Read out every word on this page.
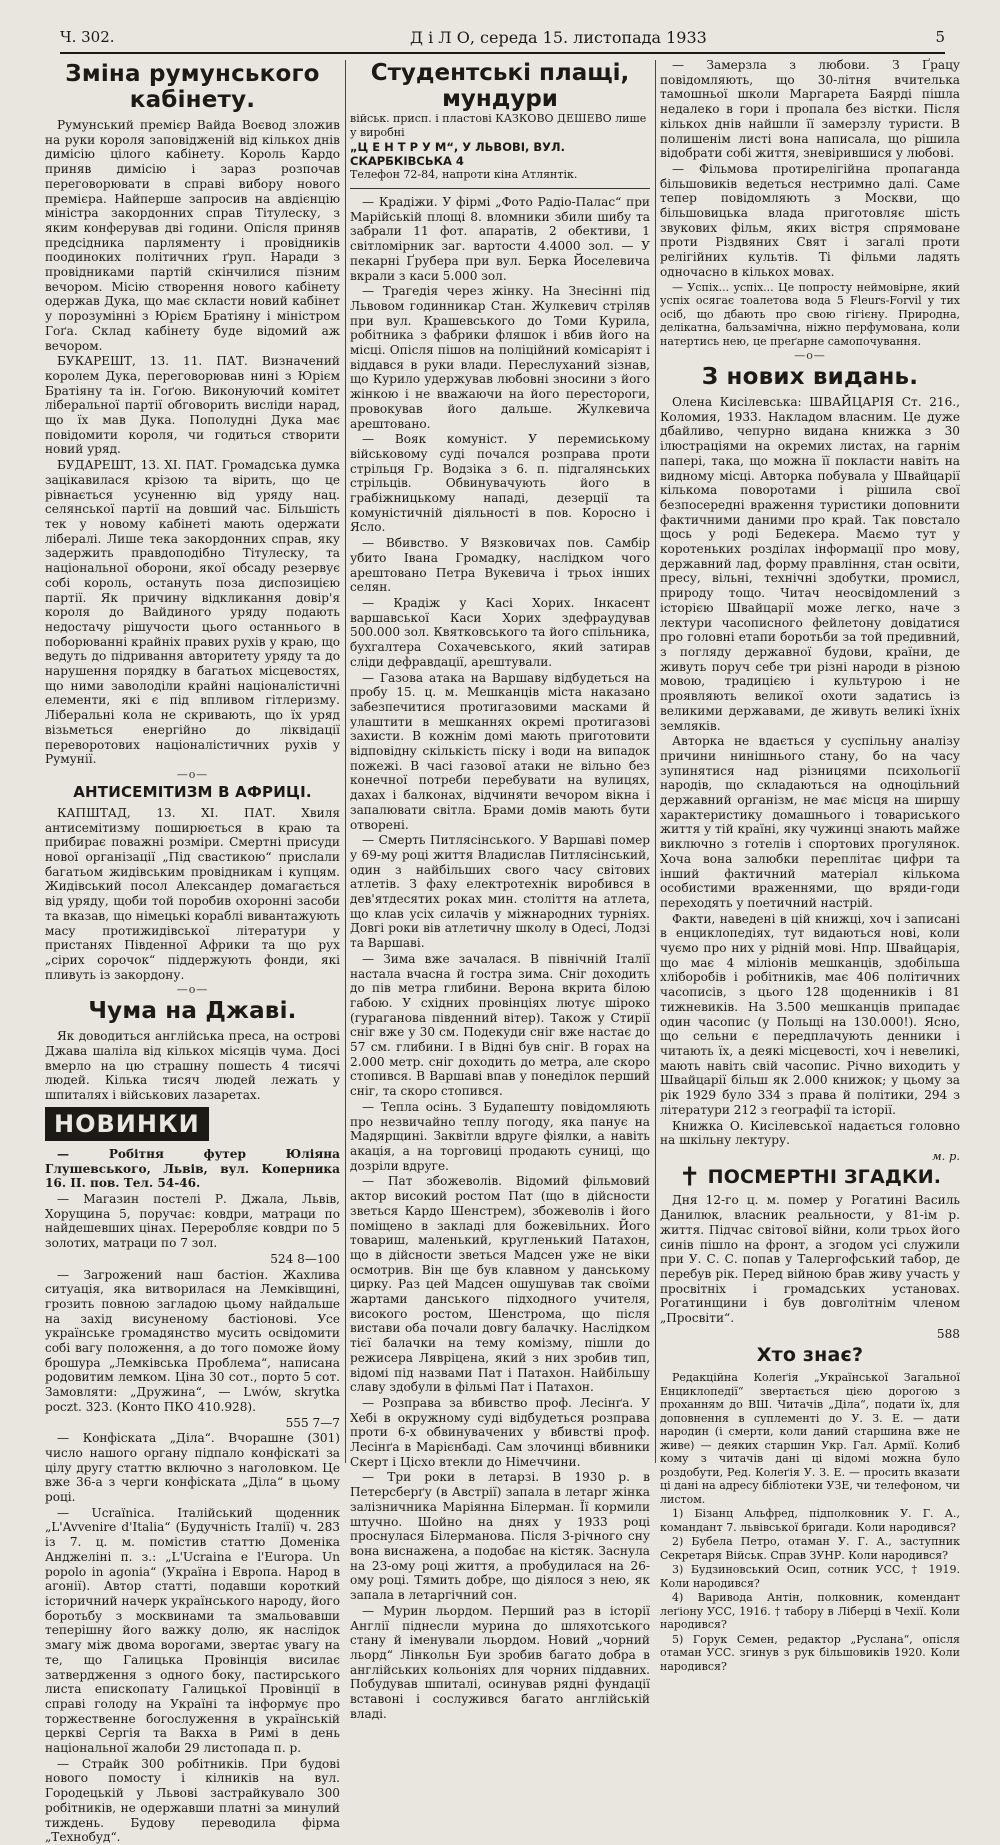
Ч. 302.	Д і Л О, середа 15. листопада 1933	5
Зміна румунського кабінету.

Румунський премієр Вайда Воєвод зложив на руки короля заповідженій від кількох днів димісію цілого кабінету. Король Кардо приняв димісію і зараз розпочав переговорювати в справі вибору нового премієра. Найперше запросив на авдієнцію міністра закордонних справ Тітулеску, з яким конферував дві години. Опісля приняв предсідника парляменту і провідників поодиноких політичних ґруп. Наради з провідниками партій скінчилися пізним вечором. Місію створення нового кабінету одержав Дука, що має скласти новий кабінет у порозумінні з Юрієм Братіяну і міністром Гоґа. Склад кабінету буде відомий аж вечором.

БУКАРЕШТ, 13. 11. ПАТ. Визначений королем Дука, переговорював нині з Юрієм Братіяну та ін. Гоґою. Виконуючий комітет ліберальної партії обговорить висліди нарад, що їх мав Дука. Пополудні Дука має повідомити короля, чи годиться створити новий уряд.

БУДАРЕШТ, 13. XI. ПАТ. Громадська думка зацікавилася крізою та вірить, що це рівнається усуненню від уряду нац. селянської партії на довший час. Більшість тек у новому кабінеті мають одержати лібералі. Лише тека закордонних справ, яку задержить правдоподібно Тітулеску, та національної оборони, якої обсаду резервує собі король, остануть поза диспозицією партії. Як причину відкликання довір'я короля до Вайдиного уряду подають недостачу рішучости цього останнього в поборюванні крайніх правих рухів у краю, що ведуть до підривання авторитету уряду та до нарушення порядку в багатьох місцевостях, що ними заволоділи крайні націоналістичні елементи, які є під впливом гітлеризму. Ліберальні кола не скривають, що їх уряд візьметься енергійно до ліквідації переворотових націоналістичних рухів у Румунії.

—o—
АНТИСЕМІТИЗМ В АФРИЦІ.

КАПШТАД, 13. XI. ПАТ. Хвиля антисемітизму поширюється в краю та прибирає поважні розміри. Смертні присуди нової організації „Під свастикою“ прислали багатьом жидівським провідникам і купцям. Жидівський посол Александер домагається від уряду, щоби той поробив охоронні засоби та вказав, що німецькі кораблі вивантажують масу протижидівської літератури у пристанях Південної Африки та що рух „сірих сорочок“ піддержують фонди, які пливуть із закордону.

—o—
Чума на Джаві.

Як доводиться англійська преса, на острові Джава шаліла від кількох місяців чума. Досі вмерло на цю страшну пошесть 4 тисячі людей. Кілька тисяч людей лежать у шпиталях і військових лазаретах.

НОВИНКИ

— Робітня футер Юліяна Глушевського, Львів, вул. Коперника 16. II. пов. Тел. 54-46.

— Магазин постелі Р. Джала, Львів, Хорущина 5, поручає: ковдри, матраци по найдешевших цінах. Переробляє ковдри по 5 золотих, матраци по 7 зол.

524 8—100

— Загрожений наш бастіон. Жахлива ситуація, яка витворилася на Лемківщині, грозить повною загладою цьому найдальше на захід висуненому бастіонові. Усе українське громадянство мусить освідомити собі вагу положення, а до того поможе йому брошура „Лемківська Проблема“, написана родовитим лемком. Ціна 30 сот., порто 5 сот. Замовляти: „Дружина“, — Lwów, skrytka poczt. 323. (Конто ПКО 410.928).

555 7—7

— Конфіската „Діла“. Вчорашне (301) число нашого органу підпало конфіскаті за цілу другу статтю включно з наголовком. Це вже 36-а з черги конфіската „Діла“ в цьому році.

— Ucraïnica. Італійський щоденник „L'Avvenire d'Italia“ (Будучність Італії) ч. 283 із 7. ц. м. помістив статтю Доменіка Анджеліні п. з.: „L'Ucraina e l'Europa. Un popolo in agonia“ (Україна і Европа. Народ в агонії). Автор статті, подавши короткий історичний начерк українського народу, його боротьбу з москвинами та змальовавши теперішну його важку долю, як наслідок змагу між двома ворогами, звертає увагу на те, що Галицька Провінція висилає затвердження з одного боку, пастирського листа епископату Галицької Провінції в справі голоду на Україні та інформує про торжественне богослуження в українській церкві Сергія та Вакха в Римі в день національної жалоби 29 листопада п. р.

— Страйк 300 робітників. При будові нового помосту і кілників на вул. Городецькій у Львові застрайкувало 300 робітників, не одержавши платні за минулий тиждень. Будову переводила фірма „Технобуд“.

Студентські плащі,
мундури
військ. присп. і пластові КАЗКОВО ДЕШЕВО лише у виробні
„Ц Е Н Т Р У М“, У ЛЬВОВІ, ВУЛ. СКАРБКІВСЬКА 4
Телефон 72-84, напроти кіна Атлянтік.

— Крадіжи. У фірмі „Фото Радіо-Палас“ при Марійській площі 8. вломники збили шибу та забрали 11 фот. апаратів, 2 обективи, 1 світломірник заг. вартости 4.4000 зол. — У пекарні Ґрубера при вул. Берка Йоселевича вкрали з каси 5.000 зол.

— Трагедія через жінку. На Знесінні під Львовом годинникар Стан. Жулкевич стріляв при вул. Крашевського до Томи Курила, робітника з фабрики фляшок і вбив його на місці. Опісля пішов на поліційний комісаріят і віддався в руки влади. Переслуханий зізнав, що Курило удержував любовні зносини з його жінкою і не вважаючи на його перестороги, провокував його дальше. Жулкевича арештовано.

— Вояк комуніст. У перемиському військовому суді почался розправа проти стрільця Гр. Водзіка з 6. п. підгалянських стрільців. Обвинувачують його в грабіжницькому нападі, дезерції та комуністичній діяльності в пов. Коросно і Ясло.

— Вбивство. У Вязковичах пов. Самбір убито Івана Громадку, наслідком чого арештовано Петра Вукевича і трьох інших селян.

— Крадіж у Касі Хорих. Інкасент варшавської Каси Хорих здефраудував 500.000 зол. Квятковського та його спільника, бухгалтера Сохачевського, який затирав сліди дефравдації, арештували.

— Газова атака на Варшаву відбудеться на пробу 15. ц. м. Мешканців міста наказано забезпечитися протигазовими масками й улаштити в мешканнях окремі протигазові захисти. В кожнім домі мають приготовити відповідну скількість піску і води на випадок пожежі. В часі газової атаки не вільно без конечної потреби перебувати на вулицях, дахах і балконах, відчиняти вечором вікна і запалювати світла. Брами домів мають бути отворені.

— Смерть Питлясінського. У Варшаві помер у 69-му році життя Владислав Питлясінський, один з найбільших свого часу світових атлетів. З фаху електротехнік виробився в дев'ятдесятих роках мин. століття на атлета, що клав усіх силачів у міжнародних турніях. Довгі роки вів атлетичну школу в Одесі, Лодзі та Варшаві.

— Зима вже зачалася. В північній Італії настала вчасна й гостра зима. Сніг доходить до пів метра глибини. Верона вкрита білою габою. У східних провінціях лютує шіроко (гураганова південний вітер). Також у Стирії сніг вже у 30 см. Подекуди сніг вже настає до 57 см. глибини. І в Відні був сніг. В горах на 2.000 метр. сніг доходить до метра, але скоро стопився. В Варшаві впав у понеділок перший сніг, та скоро стопився.

— Тепла осінь. З Будапешту повідомляють про незвичайно теплу погоду, яка панує на Мадярщині. Заквітли вдруге фіялки, а навіть акація, а на торговиці продають суниці, що дозріли вдруге.

— Пат збожеволів. Відомий фільмовий актор високий ростом Пат (що в дійсности зветься Кардо Шенстрем), збожеволів і його поміщено в закладі для божевільних. Його товариш, маленький, кругленький Патахон, що в дійсности зветься Мадсен уже не віки осмотрив. Він ще був клавном у данському цирку. Раз цей Мадсен ошушував так своїми жартами данського підходного учителя, високого ростом, Шенстрома, що після вистави оба почали довгу балачку. Наслідком тієї балачки на тему комізму, пішли до режисера Лявріцена, який з них зробив тип, відомі під назвами Пат і Патахон. Найбільшу славу здобули в фільмі Пат і Патахон.

— Розправа за вбивство проф. Лесінґа. У Хебі в окружному суді відбудеться розправа проти 6-х обвинувачених у вбивстві проф. Лесінґа в Марієнбаді. Сам злочинці вбивники Скерт і Цісхо втекли до Німеччини.

— Три роки в летарзі. В 1930 р. в Петерсберґу (в Австрії) запала в летарг жінка залізничника Маріянна Білерман. Її кормили штучно. Шойно на днях у 1933 році проснулася Білерманова. Після 3-річного сну вона виснажена, а подобає на кістяк. Заснула на 23-ому році життя, а пробудилася на 26-ому році. Тямить добре, що діялося з нею, як запала в летаргічний сон.

— Мурин льордом. Перший раз в історії Англії піднесли мурина до шляхотського стану й іменували льордом. Новий „чорний льорд“ Лінкольн Буи зробив багато добра в англійських кольоніях для чорних піддавних. Побудував шпиталі, осинував рядні фундації вставоні і сослужився багато англійській владі.

— Замерзла з любови. З Ґрацу повідомляють, що 30-літня вчителька тамошньої школи Маргарета Баярді пішла недалеко в гори і пропала без вістки. Після кількох днів найшли її замерзлу туристи. В полишенім листі вона написала, що рішила відобрати собі життя, зневірившися у любові.

— Фільмова протирелігійна пропаганда більшовиків ведеться нестримно далі. Саме тепер повідомляють з Москви, що більшовицька влада приготовляє шість звукових фільм, яких вістря спрямоване проти Різдвяних Свят і загалі проти релігійних культів. Ті фільми ладять одночасно в кількох мовах.

— Успіх... успіх... Це попросту неймовірне, який успіх осягає тоалетова вода 5 Fleurs-Forvil у тих осіб, що дбають про свою гігієну. Природна, делікатна, бальзамічна, ніжно перфумована, коли натертись нею, це преґарне самопочування.

—o—
З нових видань.

Олена Кисілевська: ШВАЙЦАРІЯ Ст. 216., Коломия, 1933. Накладом власним. Це дуже дбайливо, чепурно видана книжка з 30 ілюстраціями на окремих листах, на гарнім папері, така, що можна її покласти навіть на видному місці. Авторка побувала у Швайцарії кількома поворотами і рішила свої безпосередні враження туристики доповнити фактичними даними про край. Так повстало щось у роді Бедекера. Маємо тут у коротеньких розділах інформації про мову, державний лад, форму правління, стан освіти, пресу, вільні, технічні здобутки, промисл, природу тощо. Читач неосвідомлений з історією Швайцарії може легко, наче з лектури часописного фейлетону довідатися про головні етапи боротьби за той предивний, з погляду державної будови, країни, де живуть поруч себе три різні народи в різною мовою, традицією і культурою і не проявляють великої охоти задатись із великими державами, де живуть великі їхніх земляків.

Авторка не вдається у суспільну аналізу причини нинішнього стану, бо на часу зупинятися над різницями психольогії народів, що складаються на одноцільний державний організм, не має місця на ширшу характеристику домашнього і товариського життя у тій країні, яку чужинці знають майже виключно з готелів і спортових прогулянок. Хоча вона залюбки переплітає цифри та інший фактичний матеріал кількома особистими враженнями, що вряди-годи переходять у поетичний настрій.

Факти, наведені в цій книжці, хоч і записані в енциклопедіях, тут видаються нові, коли чуємо про них у рідній мові. Нпр. Швайцарія, що має 4 міліонів мешканців, здобільша хліборобів і робітників, має 406 політичних часописів, з цього 128 щоденників і 81 тижневиків. На 3.500 мешканців припадає один часопис (у Польщі на 130.000!). Ясно, що сельни є передплачують денники і читають їх, а деякі місцевості, хоч і невеликі, мають навіть свій часопис. Річно виходить у Швайцарії більш як 2.000 книжок; у цьому за рік 1929 було 334 з права й політики, 294 з літератури 212 з географії та історії.

Книжка О. Кисілевської надається головно на шкільну лектуру.

м. р.

✝ ПОСМЕРТНІ ЗГАДКИ.

Дня 12-го ц. м. помер у Рогатині Василь Данилюк, власник реальности, у 81-ім р. життя. Підчас світової війни, коли трьох його синів пішло на фронт, а згодом усі служили при У. С. С. попав у Талергофський табор, де перебув рік. Перед війною брав живу участь у просвітніх і громадських установах. Рогатинщини і був довголітнім членом „Просвіти“.

588

Хто знає?

Редакційна Колеґія „Української Загальної Енциклопедії“ звертається цією дорогою з проханням до ВШ. Читачів „Діла“, подати їх, для доповнення в суплементі до У. З. Е. — дати народин (і смерти, коли даний старшина вже не живе) — деяких старшин Укр. Гал. Армії. Колиб кому з читачів дані ці відомі можна було роздобути, Ред. Колеґія У. З. Е. — просить вказати ці дані на адресу бібліотеки УЗЕ, чи телефоном, чи листом.

1) Бізанц Альфред, підполковник У. Г. А., командант 7. львівської бригади. Коли народився?

2) Бубела Петро, отаман У. Г. А., заступник Секретаря Військ. Справ ЗУНР. Коли народився?

3) Будзиновський Осип, сотник УСС, † 1919. Коли народився?

4) Варивода Антін, полковник, комендант леґіону УСС, 1916. † табору в Ліберці в Чехії. Коли народився?

5) Горук Семен, редактор „Руслана“, опісля отаман УСС. згинув з рук більшовиків 1920. Коли народився?
